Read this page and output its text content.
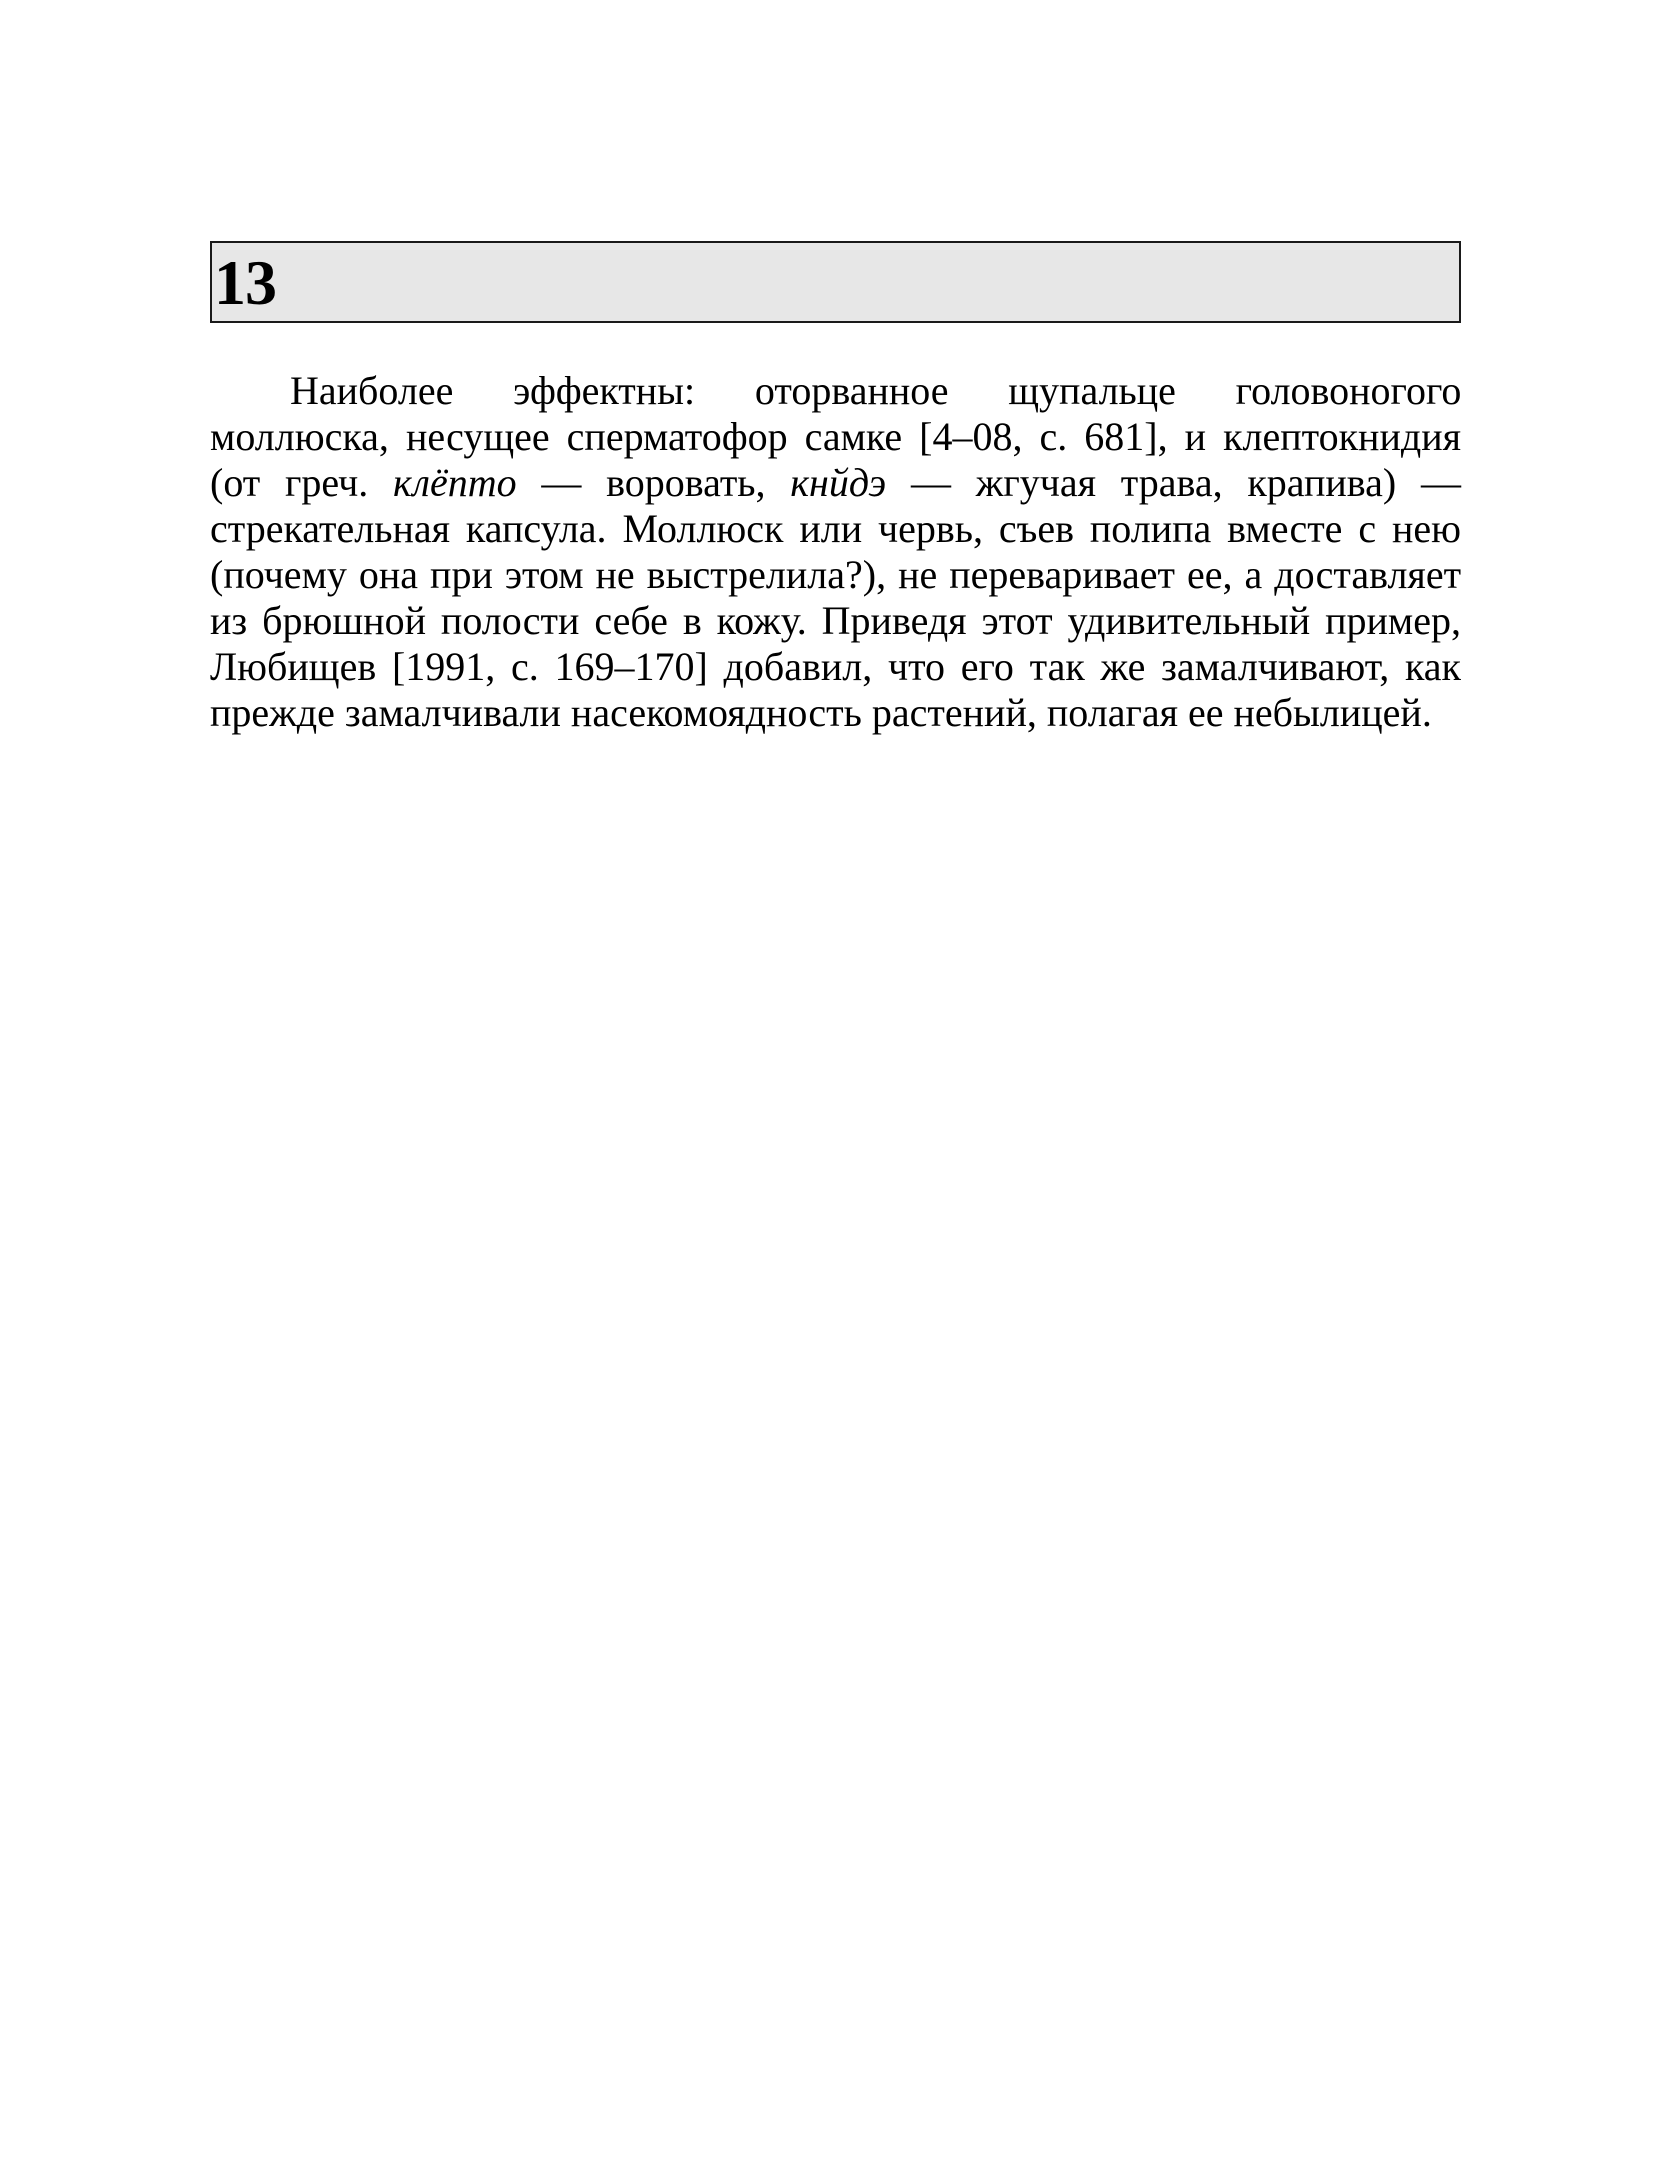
13
Наиболее эффектны: оторванное щупальце головоногого
моллюска, несущее сперматофор самке [4–08, с. 681], и клептокнидия
(от греч. клёпто — воровать, кнйдэ — жгучая трава, крапива) —
стрекательная капсула. Моллюск или червь, съев полипа вместе с нею
(почему она при этом не выстрелила?), не переваривает ее, а доставляет
из брюшной полости себе в кожу. Приведя этот удивительный пример,
Любищев [1991, с. 169–170] добавил, что его так же замалчивают, как
прежде замалчивали насекомоядность растений, полагая ее небылицей.
